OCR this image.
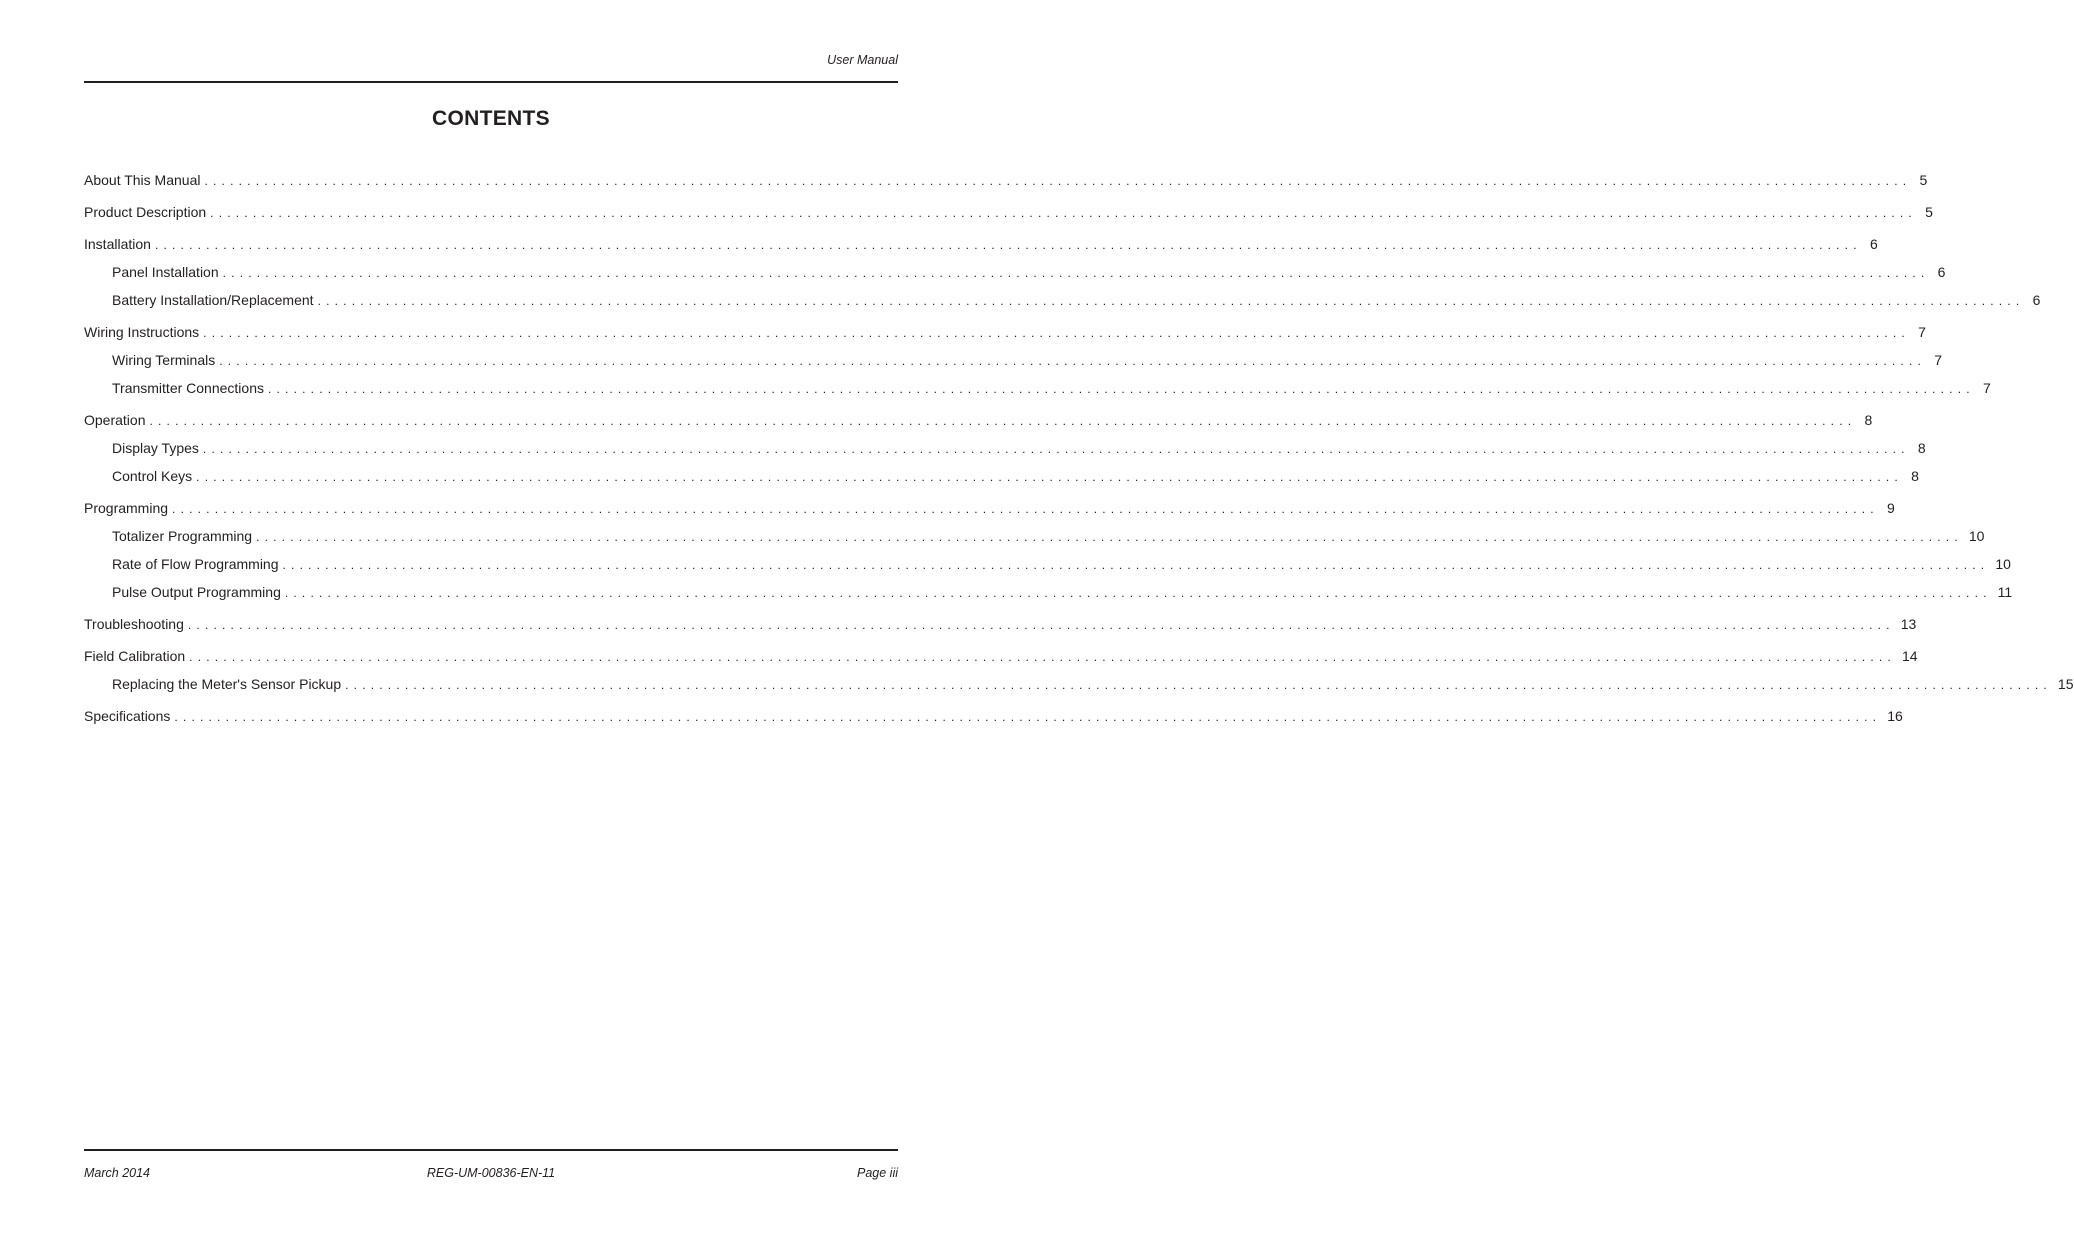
User Manual
CONTENTS
About This Manual ........................................................................................................................................................................................................ 5
Product Description ........................................................................................................................................................................................................ 5
Installation ........................................................................................................................................................................................................ 6
Panel Installation ........................................................................................................................................................................................................ 6
Battery Installation/Replacement ........................................................................................................................................................................................................ 6
Wiring Instructions ........................................................................................................................................................................................................ 7
Wiring Terminals ........................................................................................................................................................................................................ 7
Transmitter Connections ........................................................................................................................................................................................................ 7
Operation ........................................................................................................................................................................................................ 8
Display Types ........................................................................................................................................................................................................ 8
Control Keys ........................................................................................................................................................................................................ 8
Programming ........................................................................................................................................................................................................ 9
Totalizer Programming ........................................................................................................................................................................................................ 10
Rate of Flow Programming ........................................................................................................................................................................................................ 10
Pulse Output Programming ........................................................................................................................................................................................................ 11
Troubleshooting ........................................................................................................................................................................................................ 13
Field Calibration ........................................................................................................................................................................................................ 14
Replacing the Meter's Sensor Pickup ........................................................................................................................................................................................................ 15
Specifications ........................................................................................................................................................................................................ 16
March 2014	REG-UM-00836-EN-11	Page iii
